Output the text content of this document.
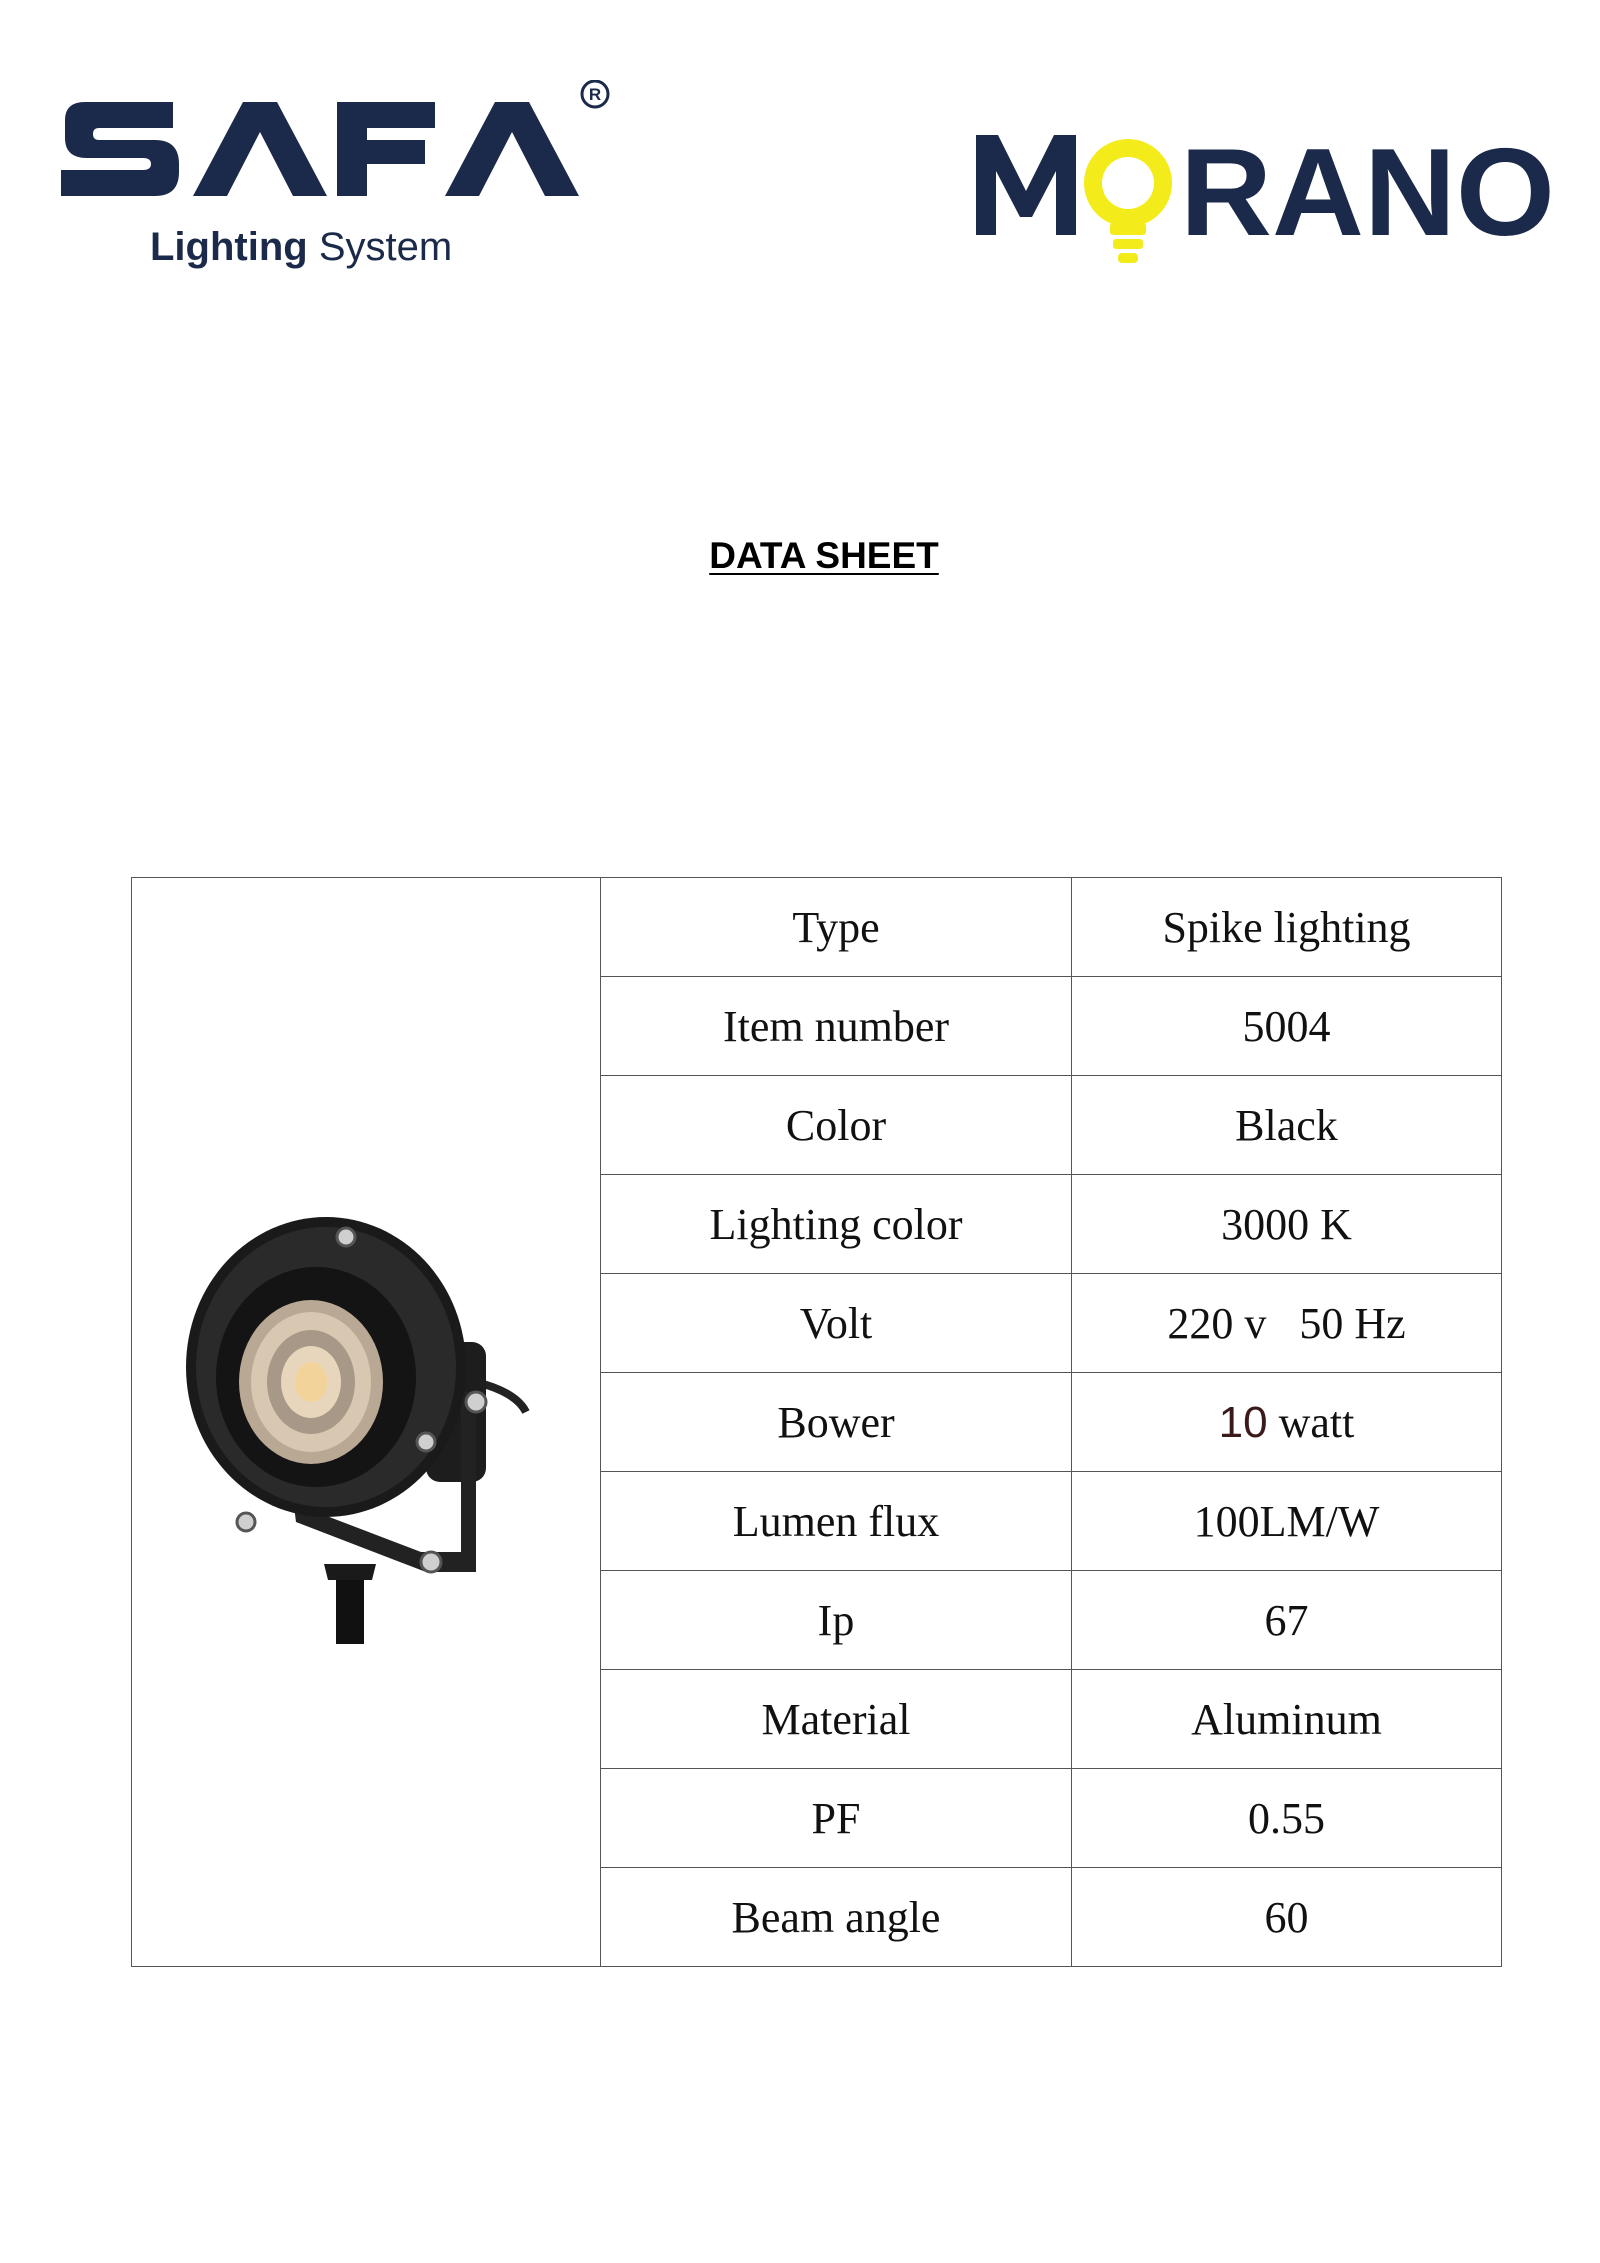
R
Lighting System	RANO
DATA SHEET
	Type	Spike lighting
	Item number	5004
	Color	Black
	Lighting color	3000 K
	Volt	220 v   50 Hz
	Bower	10 watt
	Lumen flux	100LM/W
	Ip	67
	Material	Aluminum
	PF	0.55
	Beam angle	60
